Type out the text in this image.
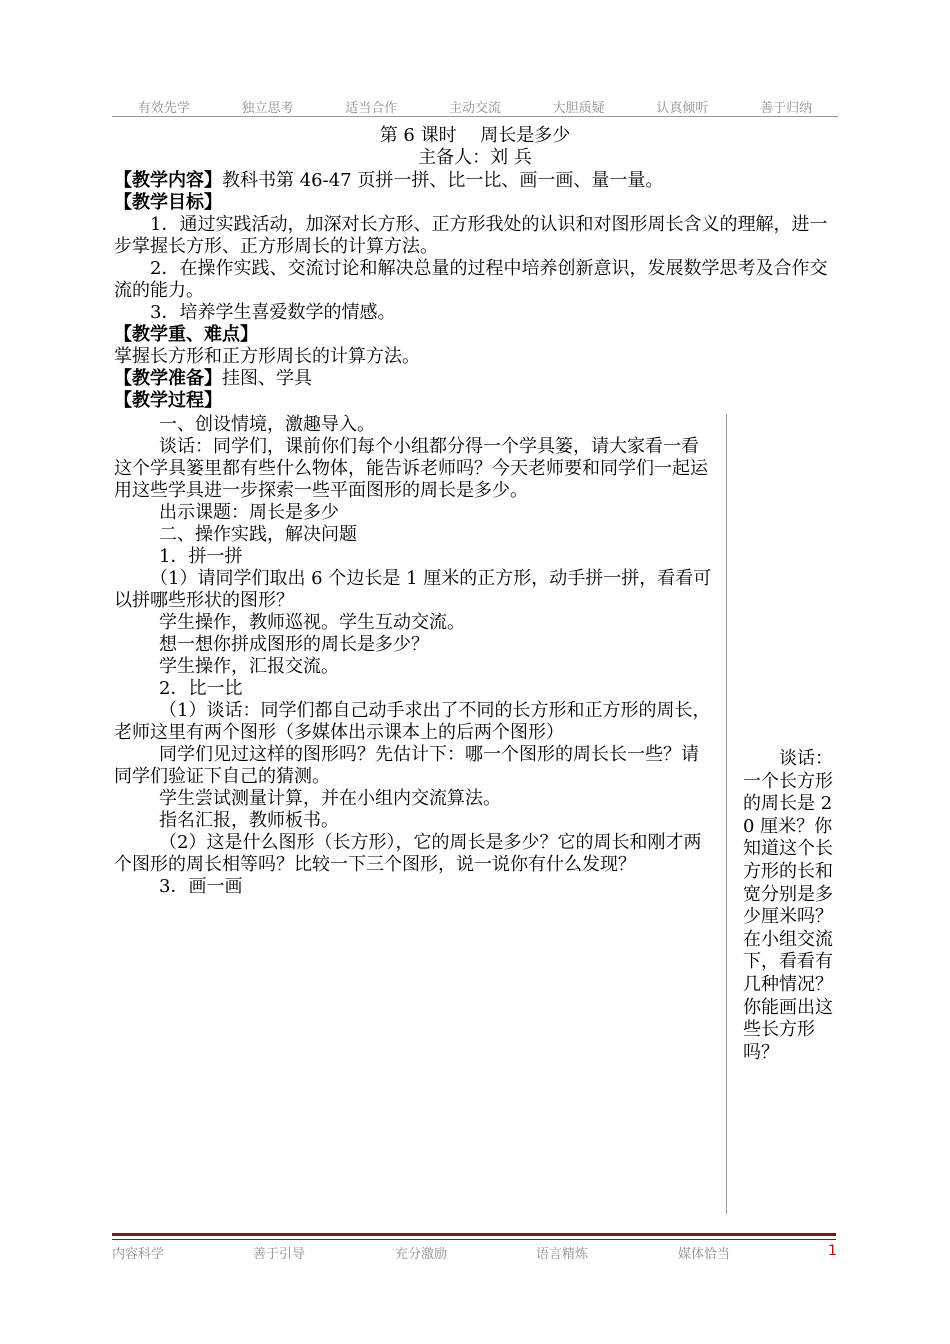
有效先学	独立思考	适当合作	主动交流	大胆质疑	认真倾听	善于归纳
第 6 课时　 周长是多少
主备人：刘 兵

【教学内容】教科书第 46-47 页拼一拼、比一比、画一画、量一量。

【教学目标】

1．通过实践活动，加深对长方形、正方形我处的认识和对图形周长含义的理解，进一步掌握长方形、正方形周长的计算方法。

2．在操作实践、交流讨论和解决总量的过程中培养创新意识，发展数学思考及合作交流的能力。

3．培养学生喜爱数学的情感。

【教学重、难点】

掌握长方形和正方形周长的计算方法。

【教学准备】挂图、学具

【教学过程】

一、创设情境，激趣导入。

谈话：同学们，课前你们每个小组都分得一个学具篓，请大家看一看这个学具篓里都有些什么物体，能告诉老师吗？今天老师要和同学们一起运用这些学具进一步探索一些平面图形的周长是多少。

出示课题：周长是多少

二、操作实践，解决问题

1．拼一拼

（1）请同学们取出 6 个边长是 1 厘米的正方形，动手拼一拼，看看可以拼哪些形状的图形？

学生操作，教师巡视。学生互动交流。

想一想你拼成图形的周长是多少？

学生操作，汇报交流。

2．比一比

（1）谈话：同学们都自己动手求出了不同的长方形和正方形的周长，老师这里有两个图形（多媒体出示课本上的后两个图形）

同学们见过这样的图形吗？先估计下：哪一个图形的周长长一些？请同学们验证下自己的猜测。

学生尝试测量计算，并在小组内交流算法。

指名汇报，教师板书。

（2）这是什么图形（长方形），它的周长是多少？它的周长和刚才两个图形的周长相等吗？比较一下三个图形，说一说你有什么发现？

3．画一画

谈话：一个长方形的周长是 20 厘米？你知道这个长方形的长和宽分别是多少厘米吗？在小组交流下，看看有几种情况？你能画出这些长方形吗？

内容科学	善于引导	充分激励	语言精炼	媒体恰当	1
